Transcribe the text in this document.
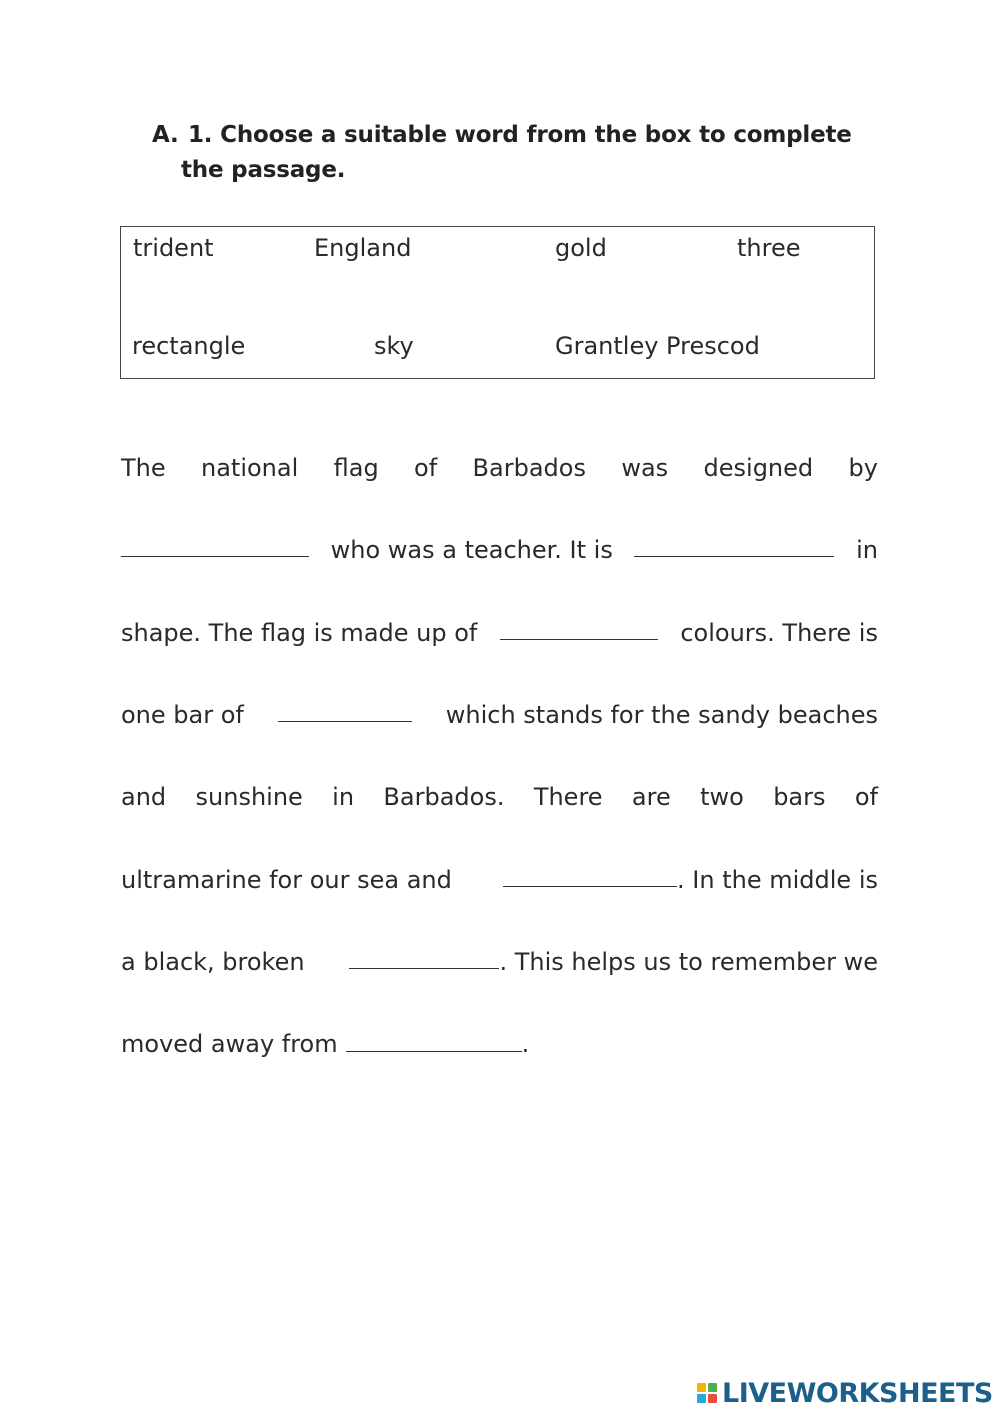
A. 1. Choose a suitable word from the box to complete
the passage.
trident	England	gold	three
rectangle	sky	Grantley Prescod
The national flag of Barbados was designed by
who was a teacher. It is	in
shape. The flag is made up of	colours. There is
one bar of	which stands for the sandy beaches
and sunshine in Barbados. There are two bars of
ultramarine for our sea and	. In the middle is
a black, broken	. This helps us to remember we
moved away from	.
LIVEWORKSHEETS
